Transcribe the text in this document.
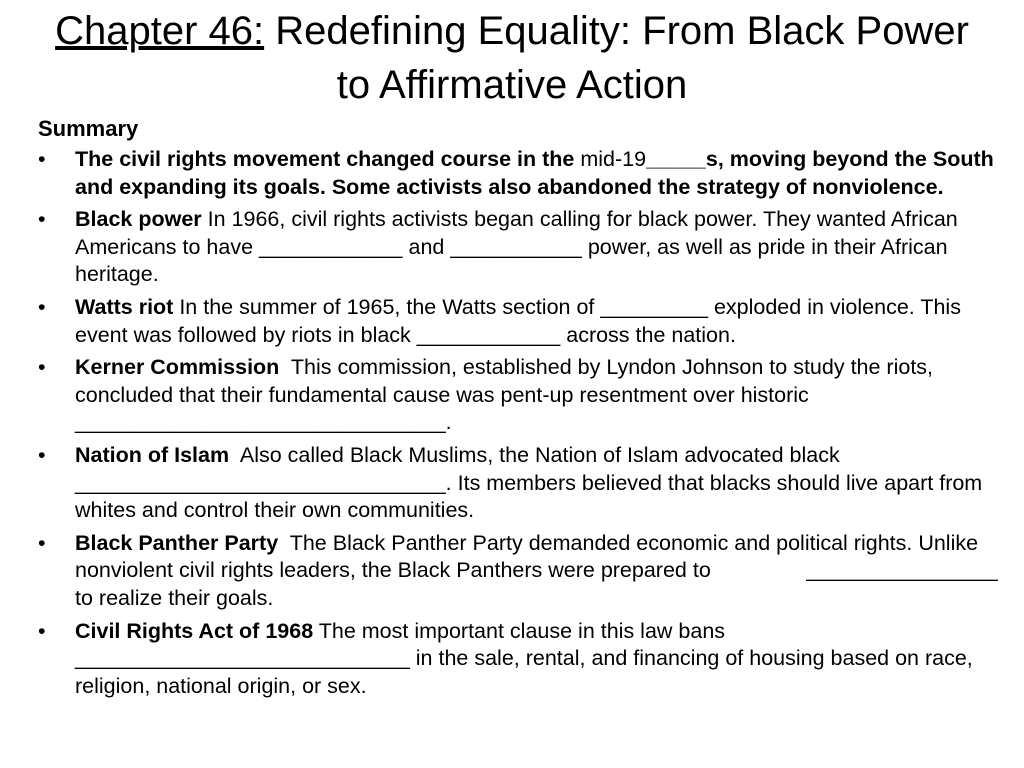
Chapter 46: Redefining Equality: From Black Power to Affirmative Action

Summary

•	The civil rights movement changed course in the mid-19_____s, moving beyond the South and expanding its goals. Some activists also abandoned the strategy of nonviolence.
•	Black power In 1966, civil rights activists began calling for black power. They wanted African Americans to have ____________ and ___________ power, as well as pride in their African heritage.
•	Watts riot In the summer of 1965, the Watts section of _________ exploded in violence. This event was followed by riots in black ____________ across the nation.
•	Kerner Commission  This commission, established by Lyndon Johnson to study the riots, concluded that their fundamental cause was pent-up resentment over historic     _______________________________.
•	Nation of Islam  Also called Black Muslims, the Nation of Islam advocated black               _______________________________. Its members believed that blacks should live apart from whites and control their own communities.
•	Black Panther Party  The Black Panther Party demanded economic and political rights. Unlike nonviolent civil rights leaders, the Black Panthers were prepared to                ________________ to realize their goals.
•	Civil Rights Act of 1968 The most important clause in this law bans ____________________________ in the sale, rental, and financing of housing based on race, religion, national origin, or sex.
